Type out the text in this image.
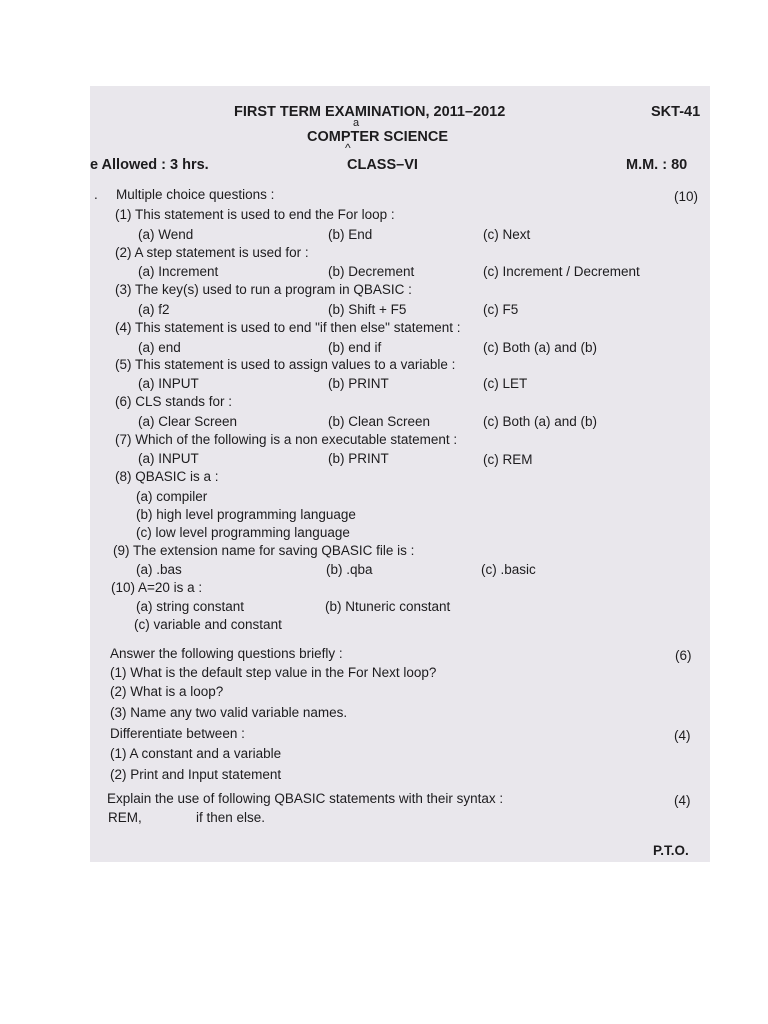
FIRST TERM EXAMINATION, 2011–2012	SKT-41
a
COMPTER SCIENCE
^
e Allowed : 3 hrs.	CLASS–VI	M.M. : 80
. Multiple choice questions :	(10)
(1) This statement is used to end the For loop :
(a) Wend	(b) End	(c) Next
(2) A step statement is used for :
(a) Increment	(b) Decrement	(c) Increment / Decrement
(3) The key(s) used to run a program in QBASIC :
(a) f2	(b) Shift + F5	(c) F5
(4) This statement is used to end "if then else" statement :
(a) end	(b) end if	(c) Both (a) and (b)
(5) This statement is used to assign values to a variable :
(a) INPUT	(b) PRINT	(c) LET
(6) CLS stands for :
(a) Clear Screen	(b) Clean Screen	(c) Both (a) and (b)
(7) Which of the following is a non executable statement :
(a) INPUT	(b) PRINT	(c) REM
(8) QBASIC is a :
(a) compiler
(b) high level programming language
(c) low level programming language
(9) The extension name for saving QBASIC file is :
(a) .bas	(b) .qba	(c) .basic
(10) A=20 is a :
(a) string constant	(b) Ntuneric constant
(c) variable and constant
Answer the following questions briefly :	(6)
(1) What is the default step value in the For Next loop?
(2) What is a loop?
(3) Name any two valid variable names.
Differentiate between :	(4)
(1) A constant and a variable
(2) Print and Input statement
Explain the use of following QBASIC statements with their syntax :	(4)
REM,	if then else.
P.T.O.
